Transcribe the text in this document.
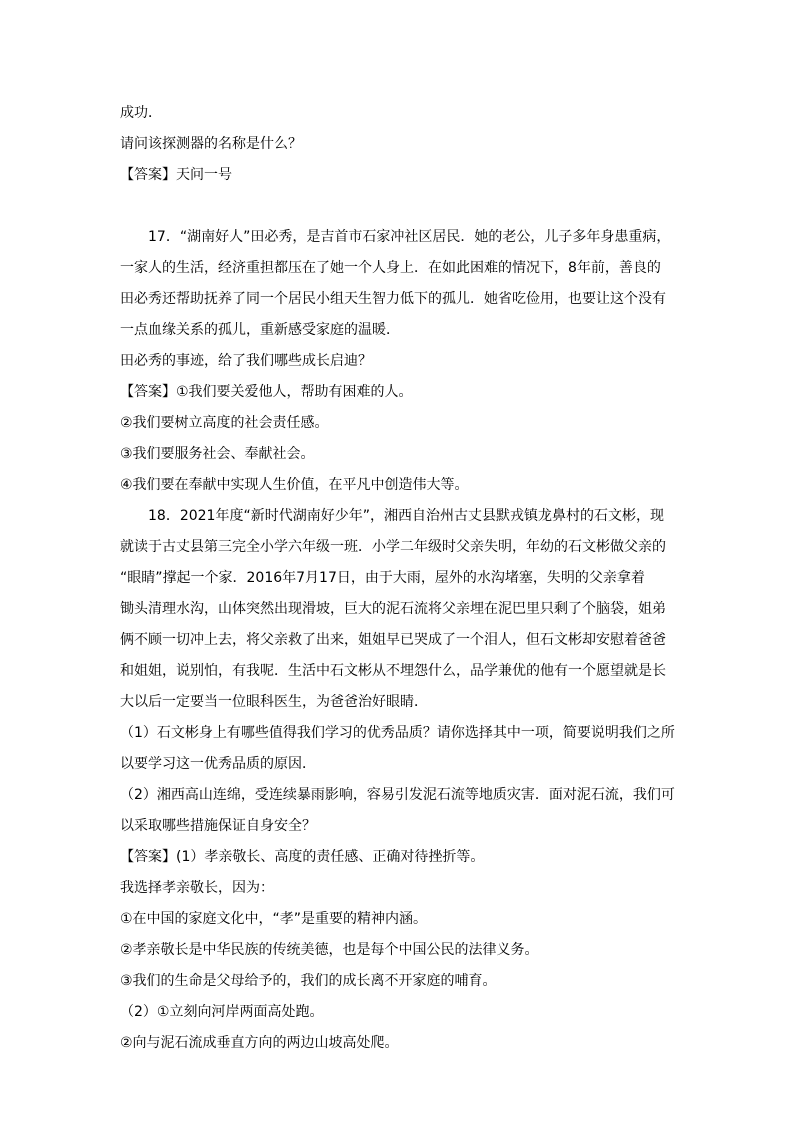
成功．
请问该探测器的名称是什么？
【答案】天问一号
17．“湖南好人”田必秀，是吉首市石家冲社区居民．她的老公，儿子多年身患重病，
一家人的生活，经济重担都压在了她一个人身上．在如此困难的情况下，8年前，善良的
田必秀还帮助抚养了同一个居民小组天生智力低下的孤儿．她省吃俭用，也要让这个没有
一点血缘关系的孤儿，重新感受家庭的温暖．
田必秀的事迹，给了我们哪些成长启迪？
【答案】①我们要关爱他人，帮助有困难的人。
②我们要树立高度的社会责任感。
③我们要服务社会、奉献社会。
④我们要在奉献中实现人生价值，在平凡中创造伟大等。
18．2021年度“新时代湖南好少年”，湘西自治州古丈县默戎镇龙鼻村的石文彬，现
就读于古丈县第三完全小学六年级一班．小学二年级时父亲失明，年幼的石文彬做父亲的
“眼睛”撑起一个家．2016年7月17日，由于大雨，屋外的水沟堵塞，失明的父亲拿着
锄头清理水沟，山体突然出现滑坡，巨大的泥石流将父亲埋在泥巴里只剩了个脑袋，姐弟
俩不顾一切冲上去，将父亲救了出来，姐姐早已哭成了一个泪人，但石文彬却安慰着爸爸
和姐姐，说别怕，有我呢．生活中石文彬从不埋怨什么，品学兼优的他有一个愿望就是长
大以后一定要当一位眼科医生，为爸爸治好眼睛．
（1）石文彬身上有哪些值得我们学习的优秀品质？请你选择其中一项，简要说明我们之所
以要学习这一优秀品质的原因．
（2）湘西高山连绵，受连续暴雨影响，容易引发泥石流等地质灾害．面对泥石流，我们可
以采取哪些措施保证自身安全？
【答案】(1）孝亲敬长、高度的责任感、正确对待挫折等。
我选择孝亲敬长，因为：
①在中国的家庭文化中，“孝”是重要的精神内涵。
②孝亲敬长是中华民族的传统美德，也是每个中国公民的法律义务。
③我们的生命是父母给予的，我们的成长离不开家庭的哺育。
（2）①立刻向河岸两面高处跑。
②向与泥石流成垂直方向的两边山坡高处爬。
